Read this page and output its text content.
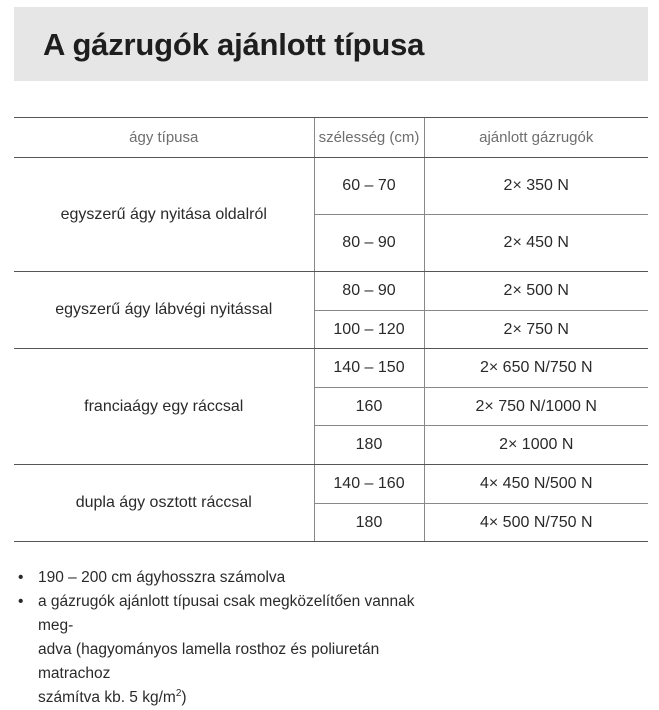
A gázrugók ajánlott típusa
ágy típusa	szélesség (cm)	ajánlott gázrugók
egyszerű ágy nyitása oldalról	60 – 70	2× 350 N
	80 – 90	2× 450 N
egyszerű ágy lábvégi nyitással	80 – 90	2× 500 N
	100 – 120	2× 750 N
franciaágy egy ráccsal	140 – 150	2× 650 N/750 N
	160	2× 750 N/1000 N
	180	2× 1000 N
dupla ágy osztott ráccsal	140 – 160	4× 450 N/500 N
	180	4× 500 N/750 N
• 190 – 200 cm ágyhosszra számolva
• a gázrugók ajánlott típusai csak megközelítően vannak meg-
adva (hagyományos lamella rosthoz és poliuretán matrachoz
számítva kb. 5 $kg/m^2$)
